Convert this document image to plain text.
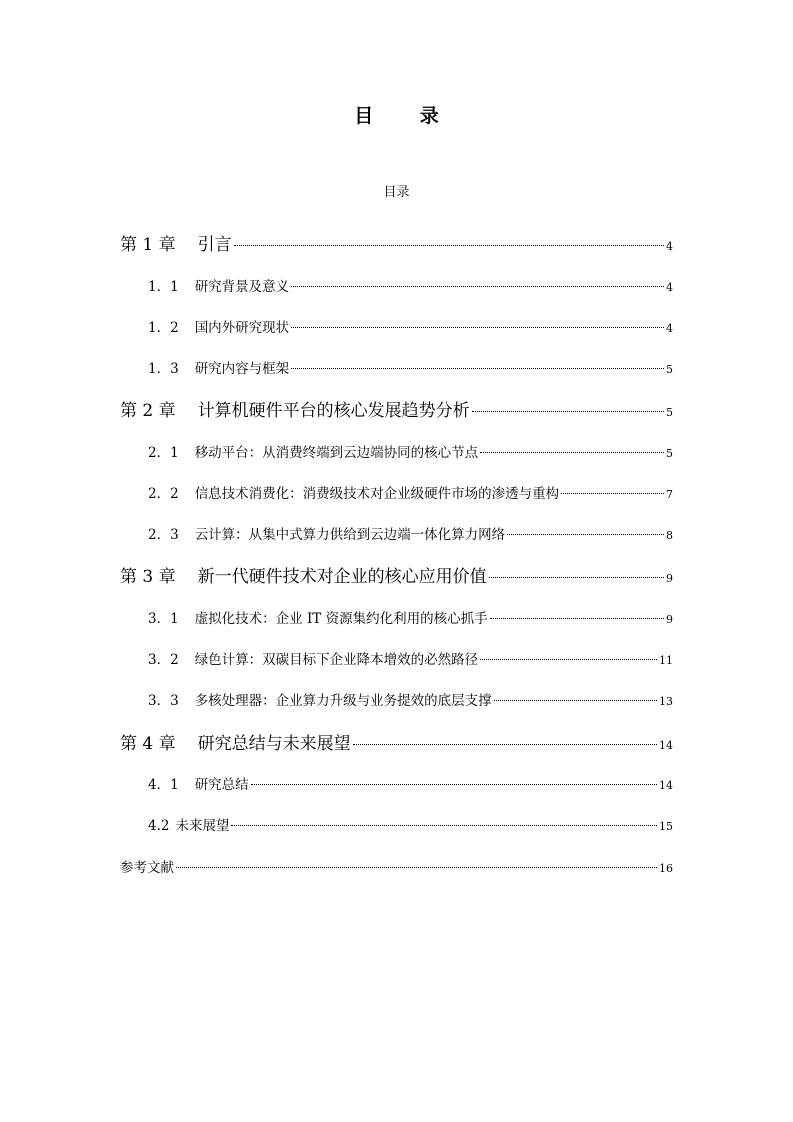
目 录
目录
第 1 章 引言	4
1．1 研究背景及意义	4
1．2 国内外研究现状	4
1．3 研究内容与框架	5
第 2 章 计算机硬件平台的核心发展趋势分析	5
2．1 移动平台：从消费终端到云边端协同的核心节点	5
2．2 信息技术消费化：消费级技术对企业级硬件市场的渗透与重构	7
2．3 云计算：从集中式算力供给到云边端一体化算力网络	8
第 3 章 新一代硬件技术对企业的核心应用价值	9
3．1 虚拟化技术：企业 IT 资源集约化利用的核心抓手	9
3．2 绿色计算：双碳目标下企业降本增效的必然路径	11
3．3 多核处理器：企业算力升级与业务提效的底层支撑	13
第 4 章 研究总结与未来展望	14
4．1 研究总结	14
4.2 未来展望	15
参考文献	16
